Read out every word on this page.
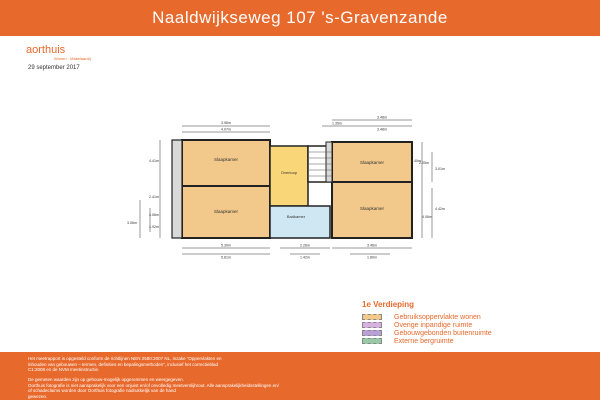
Naaldwijkseweg 107 's-Gravenzande
aorthuis
Wonen · Makelaardij
29 september 2017
Slaapkamer
Slaapkamer
Overloop
Badkamer
Slaapkamer
Slaapkamer
3.96m
4.07m
1.35m
3.48m
3.48m
4.41m
2.41m
4.06m
3.06m
1.92m
5.30m
5.81m
2.26m
1.42m
3.46m
1.80m
3.40m
2.05m
3.01m
4.06m
4.42m
1e Verdieping
Gebruiksoppervlakte wonen
Overige inpandige ruimte
Gebouwgebonden buitenruimte
Externe bergruimte

Het meetrapport is opgesteld conform de richtlijnen NEN 2580:2007 NL, inzake "Oppervlakten en

inhouden van gebouwen – termen, definities en bepalingsmethoden", inclusief het correctieblad

C1:2008 en de NVM meetinstructie.

De gemeten waarden zijn op gehouw-mogelijk opgerommen en weergegeven.

Oorthuis fotografie is niet aansprakelijk voor een onjuist en/of onvolledig meetverslijhrout. Alle aansprakelijkheidsstellingen en/

of schadeclaims worden door Oorthuis fotografie nadrukkelijk van de hand

gewezen.
